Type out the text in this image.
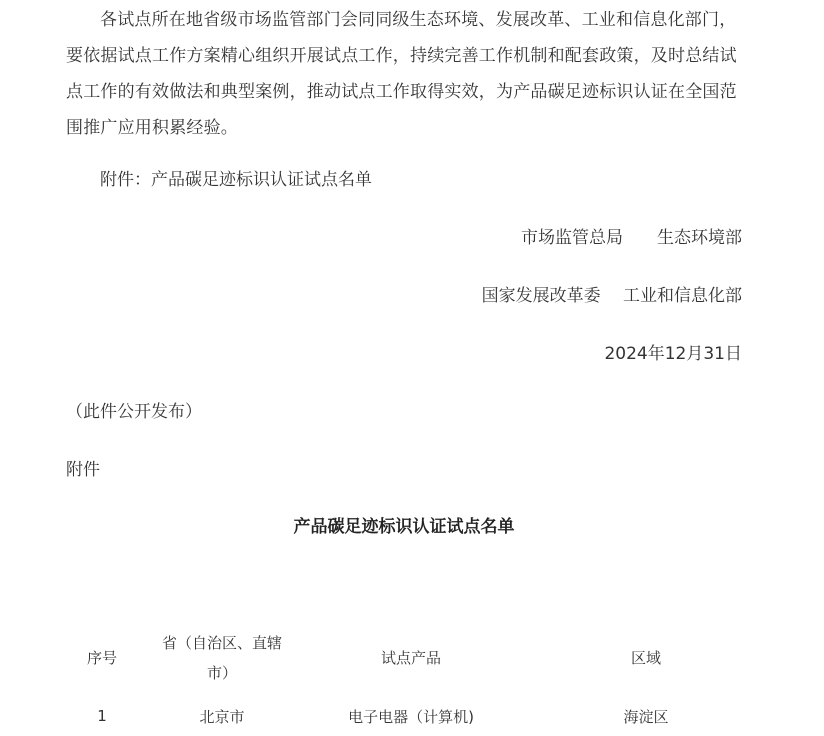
各试点所在地省级市场监管部门会同同级生态环境、发展改革、工业和信息化部门，要依据试点工作方案精心组织开展试点工作，持续完善工作机制和配套政策，及时总结试点工作的有效做法和典型案例，推动试点工作取得实效，为产品碳足迹标识认证在全国范围推广应用积累经验。

附件：产品碳足迹标识认证试点名单

市场监管总局　　生态环境部

国家发展改革委　 工业和信息化部

2024年12月31日

（此件公开发布）

附件

产品碳足迹标识认证试点名单
序号	省（自治区、直辖市）	试点产品	区域
1	北京市	电子电器（计算机)	海淀区
